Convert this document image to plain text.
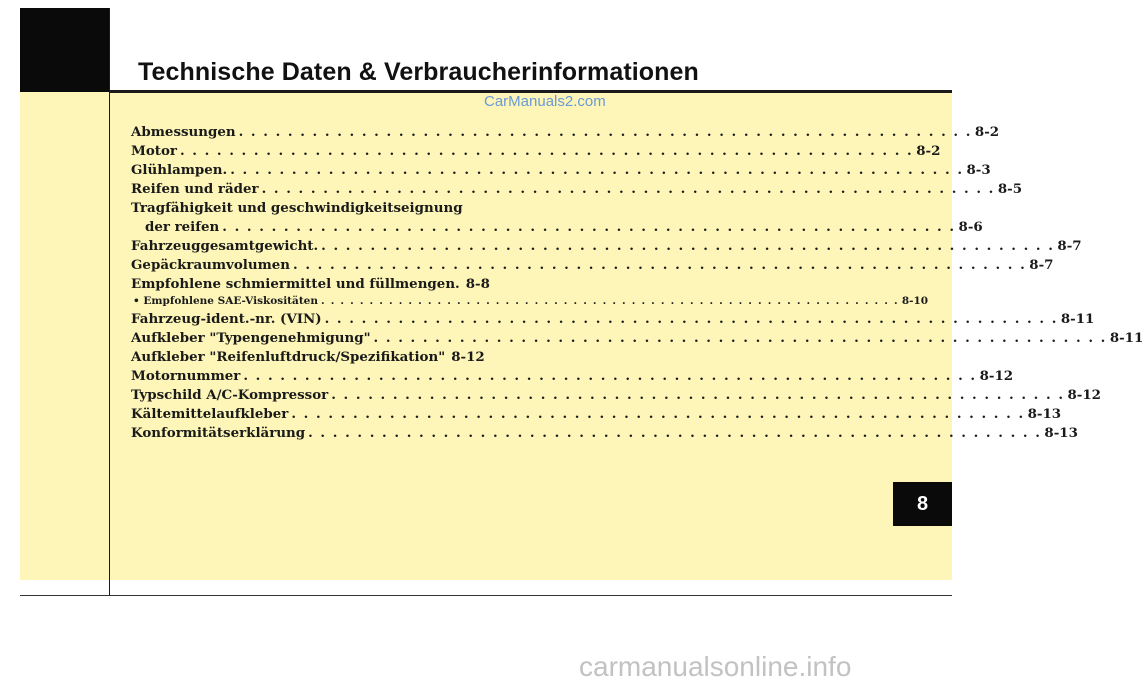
Technische Daten & Verbraucherinformationen
CarManuals2.com
Abmessungen . . .	8-2
Motor . . .	8-2
Glühlampen. . . .	8-3
Reifen und räder . . .	8-5
Tragfähigkeit und geschwindigkeitseignung
der reifen . . .	8-6
Fahrzeuggesamtgewicht. . . .	8-7
Gepäckraumvolumen . . .	8-7
Empfohlene schmiermittel und füllmengen. 8-8
• Empfohlene SAE-Viskositäten . . .	8-10
Fahrzeug-ident.-nr. (VIN) . . .	8-11
Aufkleber "Typengenehmigung" . . .	8-11
Aufkleber "Reifenluftdruck/Spezifikation" 8-12
Motornummer . . .	8-12
Typschild A/C-Kompressor . . .	8-12
Kältemittelaufkleber . . .	8-13
Konformitätserklärung . . .	8-13
8
carmanualsonline.info
